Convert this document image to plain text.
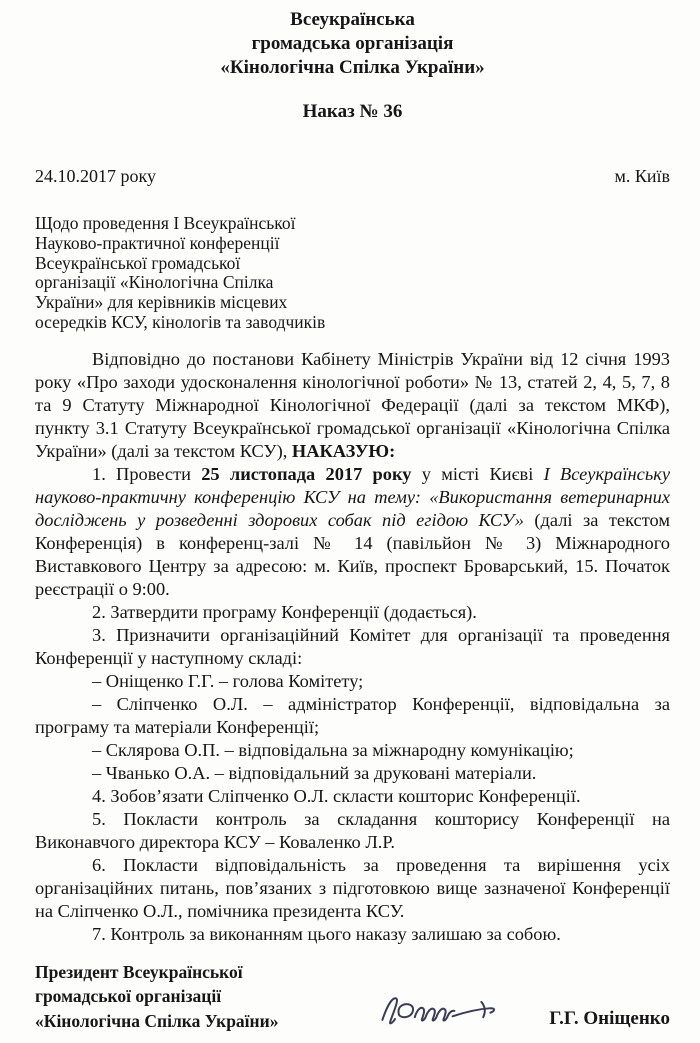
Всеукраїнська
громадська організація
«Кінологічна Спілка України»
Наказ № 36
24.10.2017 року	м. Київ
Щодо проведення І Всеукраїнської
Науково-практичної конференції
Всеукраїнської громадської
організації «Кінологічна Спілка
України» для керівників місцевих
осередків КСУ, кінологів та заводчиків

Відповідно до постанови Кабінету Міністрів України від 12 січня 1993 року «Про заходи удосконалення кінологічної роботи» № 13, статей 2, 4, 5, 7, 8 та 9 Статуту Міжнародної Кінологічної Федерації (далі за текстом МКФ), пункту 3.1 Статуту Всеукраїнської громадської організації «Кінологічна Спілка України» (далі за текстом КСУ), НАКАЗУЮ:

1. Провести 25 листопада 2017 року у місті Києві І Всеукраїнську науково-практичну конференцію КСУ на тему: «Використання ветеринарних досліджень у розведенні здорових собак під егідою КСУ» (далі за текстом Конференція) в конференц-залі № 14 (павільйон № 3) Міжнародного Виставкового Центру за адресою: м. Київ, проспект Броварський, 15. Початок реєстрації о 9:00.

2. Затвердити програму Конференції (додається).

3. Призначити організаційний Комітет для організації та проведення Конференції у наступному складі:

– Оніщенко Г.Г. – голова Комітету;

– Сліпченко О.Л. – адміністратор Конференції, відповідальна за програму та матеріали Конференції;

– Склярова О.П. – відповідальна за міжнародну комунікацію;

– Чванько О.А. – відповідальний за друковані матеріали.

4. Зобов’язати Сліпченко О.Л. скласти кошторис Конференції.

5. Покласти контроль за складання кошторису Конференції на Виконавчого директора КСУ – Коваленко Л.Р.

6. Покласти відповідальність за проведення та вирішення усіх організаційних питань, пов’язаних з підготовкою вище зазначеної Конференції на Сліпченко О.Л., помічника президента КСУ.

7. Контроль за виконанням цього наказу залишаю за собою.

Президент Всеукраїнської
громадської організації
«Кінологічна Спілка України»	Г.Г. Оніщенко
